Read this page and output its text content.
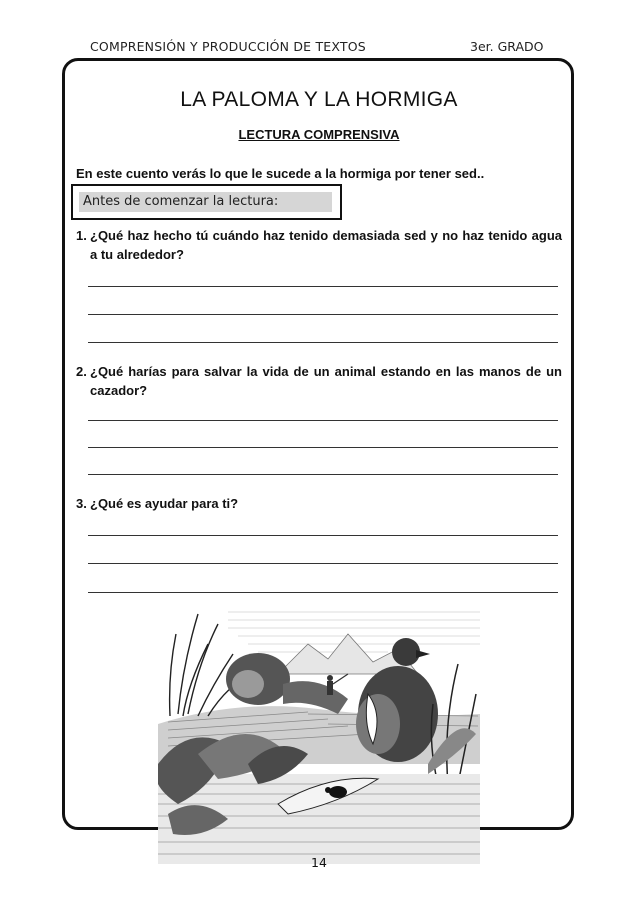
COMPRENSIÓN Y PRODUCCIÓN DE TEXTOS	3er. GRADO
LA PALOMA Y LA HORMIGA
LECTURA COMPRENSIVA
En este cuento verás lo que le sucede a la hormiga por tener sed..
Antes de comenzar la lectura:
1. ¿Qué haz hecho tú cuándo haz tenido demasiada sed y no haz tenido agua a tu alrededor?
2. ¿Qué harías para salvar la vida de un animal estando en las manos de un cazador?
3. ¿Qué es ayudar para ti?
14
